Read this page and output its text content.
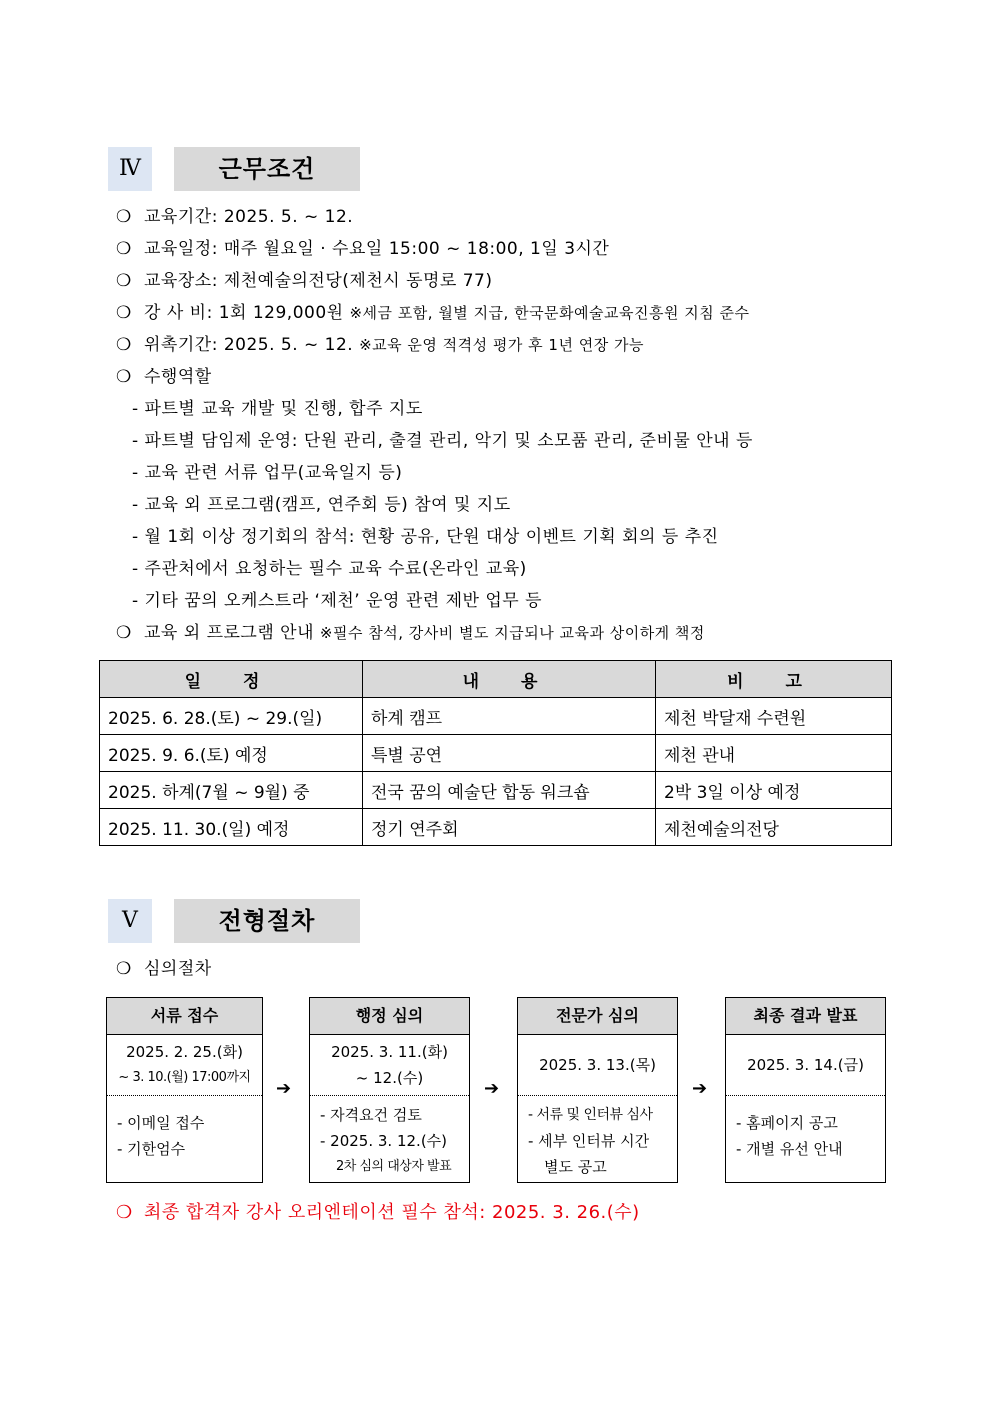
Ⅳ	근무조건
❍ 교육기간: 2025. 5. ~ 12.
❍ 교육일정: 매주 월요일 · 수요일 15:00 ~ 18:00, 1일 3시간
❍ 교육장소: 제천예술의전당(제천시 동명로 77)
❍ 강 사 비: 1회 129,000원 ※세금 포함, 월별 지급, 한국문화예술교육진흥원 지침 준수
❍ 위촉기간: 2025. 5. ~ 12. ※교육 운영 적격성 평가 후 1년 연장 가능
❍ 수행역할
- 파트별 교육 개발 및 진행, 합주 지도
- 파트별 담임제 운영: 단원 관리, 출결 관리, 악기 및 소모품 관리, 준비물 안내 등
- 교육 관련 서류 업무(교육일지 등)
- 교육 외 프로그램(캠프, 연주회 등) 참여 및 지도
- 월 1회 이상 정기회의 참석: 현황 공유, 단원 대상 이벤트 기획 회의 등 추진
- 주관처에서 요청하는 필수 교육 수료(온라인 교육)
- 기타 꿈의 오케스트라 ‘제천’ 운영 관련 제반 업무 등
❍ 교육 외 프로그램 안내 ※필수 참석, 강사비 별도 지급되나 교육과 상이하게 책정
일 정	내 용	비 고
2025. 6. 28.(토) ~ 29.(일)	하계 캠프	제천 박달재 수련원
2025. 9. 6.(토) 예정	특별 공연	제천 관내
2025. 하계(7월 ~ 9월) 중	전국 꿈의 예술단 합동 워크숍	2박 3일 이상 예정
2025. 11. 30.(일) 예정	정기 연주회	제천예술의전당
Ⅴ	전형절차
❍ 심의절차
서류 접수
2025. 2. 25.(화)
~ 3. 10.(월) 17:00까지
- 이메일 접수
- 기한엄수
➔
행정 심의
2025. 3. 11.(화)
~ 12.(수)
- 자격요건 검토
- 2025. 3. 12.(수)
2차 심의 대상자 발표
➔
전문가 심의
2025. 3. 13.(목)
- 서류 및 인터뷰 심사
- 세부 인터뷰 시간
별도 공고
➔
최종 결과 발표
2025. 3. 14.(금)
- 홈페이지 공고
- 개별 유선 안내
❍ 최종 합격자 강사 오리엔테이션 필수 참석: 2025. 3. 26.(수)
